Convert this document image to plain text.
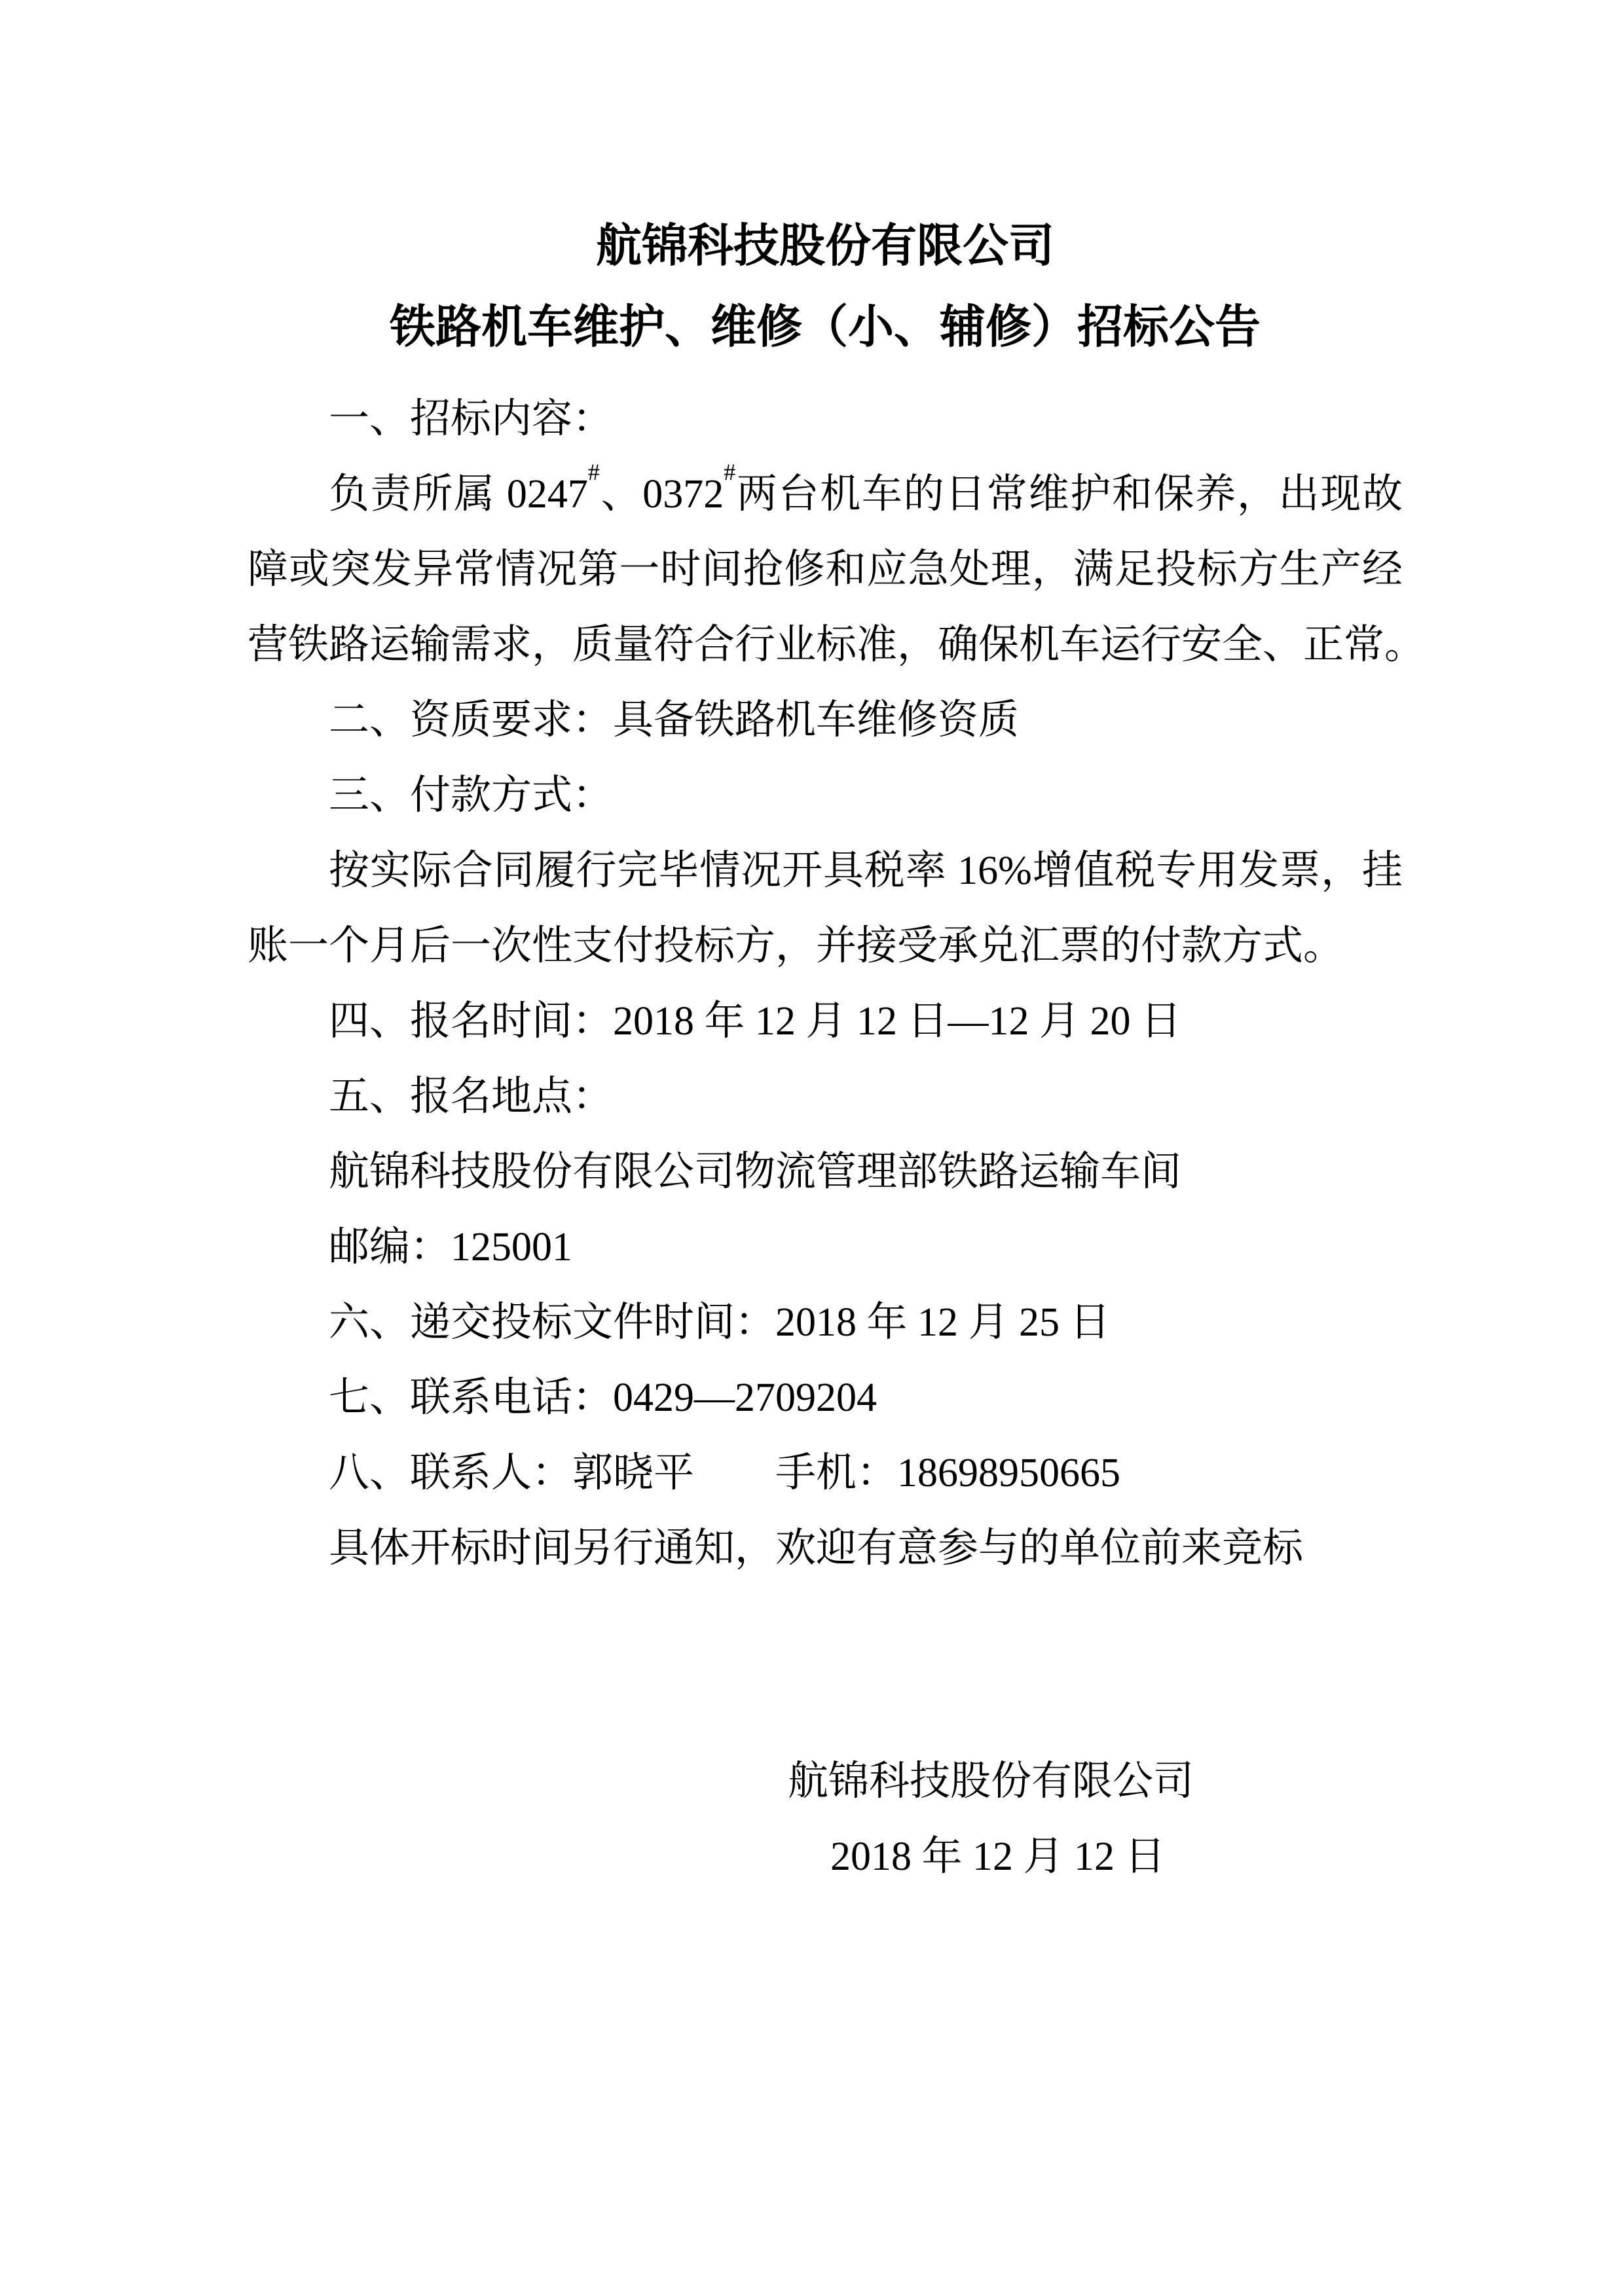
航锦科技股份有限公司
铁路机车维护、维修（小、辅修）招标公告
一、招标内容：
负责所属 0247#、0372#两台机车的日常维护和保养，出现故
障或突发异常情况第一时间抢修和应急处理，满足投标方生产经
营铁路运输需求，质量符合行业标准，确保机车运行安全、正常。
二、资质要求：具备铁路机车维修资质
三、付款方式：
按实际合同履行完毕情况开具税率 16%增值税专用发票，挂
账一个月后一次性支付投标方，并接受承兑汇票的付款方式。
四、报名时间：2018 年 12 月 12 日—12 月 20 日
五、报名地点：
航锦科技股份有限公司物流管理部铁路运输车间
邮编：125001
六、递交投标文件时间：2018 年 12 月 25 日
七、联系电话：0429—2709204
八、联系人：郭晓平　　手机：18698950665
具体开标时间另行通知，欢迎有意参与的单位前来竞标
航锦科技股份有限公司
2018 年 12 月 12 日
